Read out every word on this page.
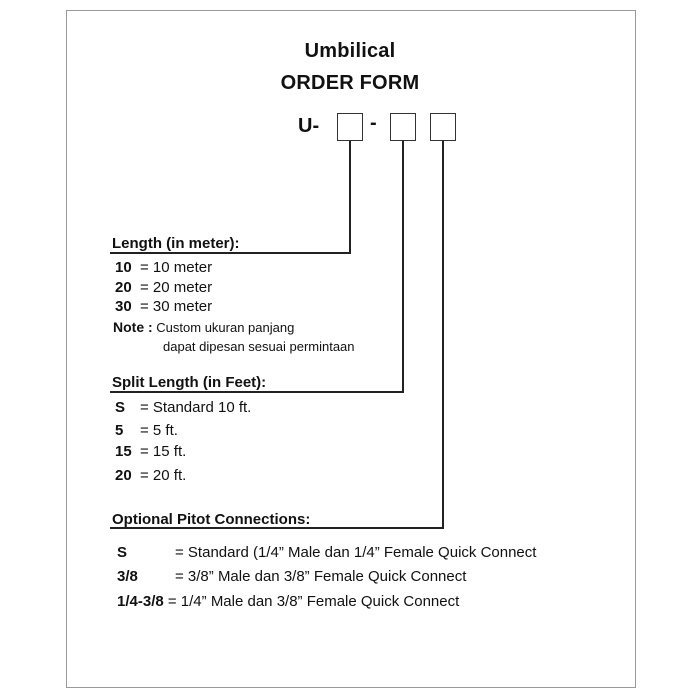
Umbilical
ORDER FORM
U-	-
Length (in meter):
10 = 10 meter
20 = 20 meter
30 = 30 meter
Note : Custom ukuran panjang
dapat dipesan sesuai permintaan
Split Length (in Feet):
S = Standard 10 ft.
5 = 5 ft.
15 = 15 ft.
20 = 20 ft.
Optional Pitot Connections:
S	= Standard (1/4” Male dan 1/4” Female Quick Connect
3/8 = 3/8” Male dan 3/8” Female Quick Connect
1/4-3/8 = 1/4” Male dan 3/8” Female Quick Connect
